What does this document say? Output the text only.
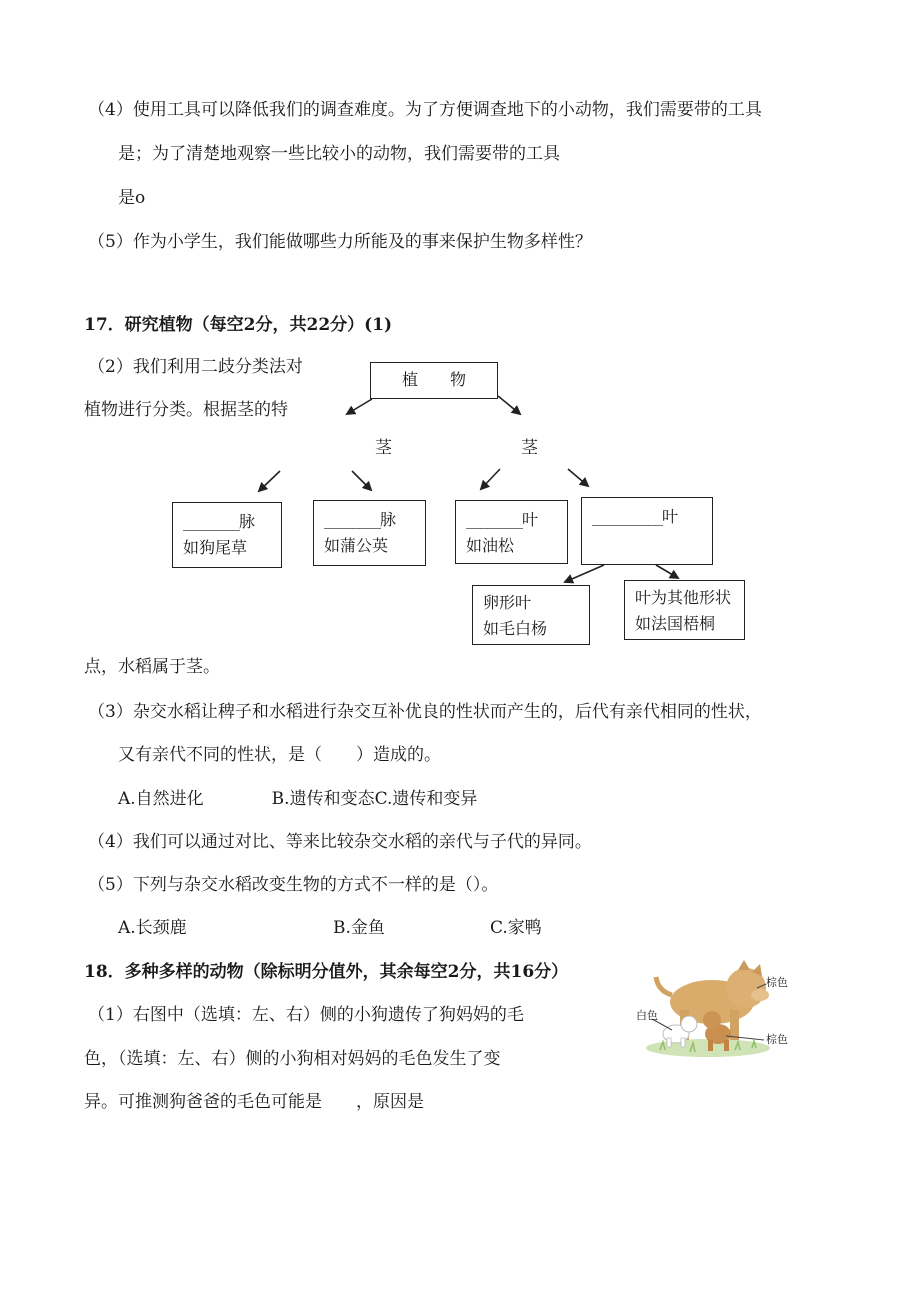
（4）使用工具可以降低我们的调查难度。为了方便调查地下的小动物，我们需要带的工具
是；为了清楚地观察一些比较小的动物，我们需要带的工具
是o
（5）作为小学生，我们能做哪些力所能及的事来保护生物多样性？
17．研究植物（每空2分，共22分）(1)
（2）我们利用二歧分类法对
植物进行分类。根据茎的特
植　　物
茎	茎
________脉
如狗尾草
________脉
如蒲公英
________叶
如油松
__________叶
卵形叶
如毛白杨
叶为其他形状
如法国梧桐
点，水稻属于茎。
（3）杂交水稻让稗子和水稻进行杂交互补优良的性状而产生的，后代有亲代相同的性状，
又有亲代不同的性状，是（　　）造成的。
A.自然进化　　　　B.遗传和变态C.遗传和变异
（4）我们可以通过对比、等来比较杂交水稻的亲代与子代的异同。
（5）下列与杂交水稻改变生物的方式不一样的是（）。
A.长颈鹿	B.金鱼	C.家鸭
18．多种多样的动物（除标明分值外，其余每空2分，共16分）
（1）右图中（选填：左、右）侧的小狗遗传了狗妈妈的毛
色，（选填：左、右）侧的小狗相对妈妈的毛色发生了变
异。可推测狗爸爸的毛色可能是　　，原因是
棕色
白色
棕色
